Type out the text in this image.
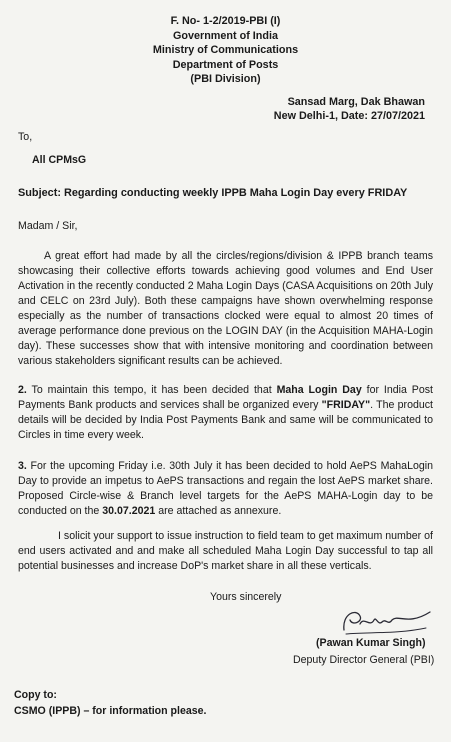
F. No- 1-2/2019-PBI (I)
Government of India
Ministry of Communications
Department of Posts
(PBI Division)
Sansad Marg, Dak Bhawan
New Delhi-1, Date: 27/07/2021
To,
All CPMsG
Subject: Regarding conducting weekly IPPB Maha Login Day every FRIDAY
Madam / Sir,

A great effort had made by all the circles/regions/division & IPPB branch teams showcasing their collective efforts towards achieving good volumes and End User Activation in the recently conducted 2 Maha Login Days (CASA Acquisitions on 20th July and CELC on 23rd July). Both these campaigns have shown overwhelming response especially as the number of transactions clocked were equal to almost 20 times of average performance done previous on the LOGIN DAY (in the Acquisition MAHA-Login day). These successes show that with intensive monitoring and coordination between various stakeholders significant results can be achieved.

2. To maintain this tempo, it has been decided that Maha Login Day for India Post Payments Bank products and services shall be organized every "FRIDAY". The product details will be decided by India Post Payments Bank and same will be communicated to Circles in time every week.

3. For the upcoming Friday i.e. 30th July it has been decided to hold AePS MahaLogin Day to provide an impetus to AePS transactions and regain the lost AePS market share. Proposed Circle-wise & Branch level targets for the AePS MAHA-Login day to be conducted on the 30.07.2021 are attached as annexure.

I solicit your support to issue instruction to field team to get maximum number of end users activated and and make all scheduled Maha Login Day successful to tap all potential businesses and increase DoP's market share in all these verticals.

Yours sincerely
(Pawan Kumar Singh)
Deputy Director General (PBI)
Copy to:
CSMO (IPPB) – for information please.
